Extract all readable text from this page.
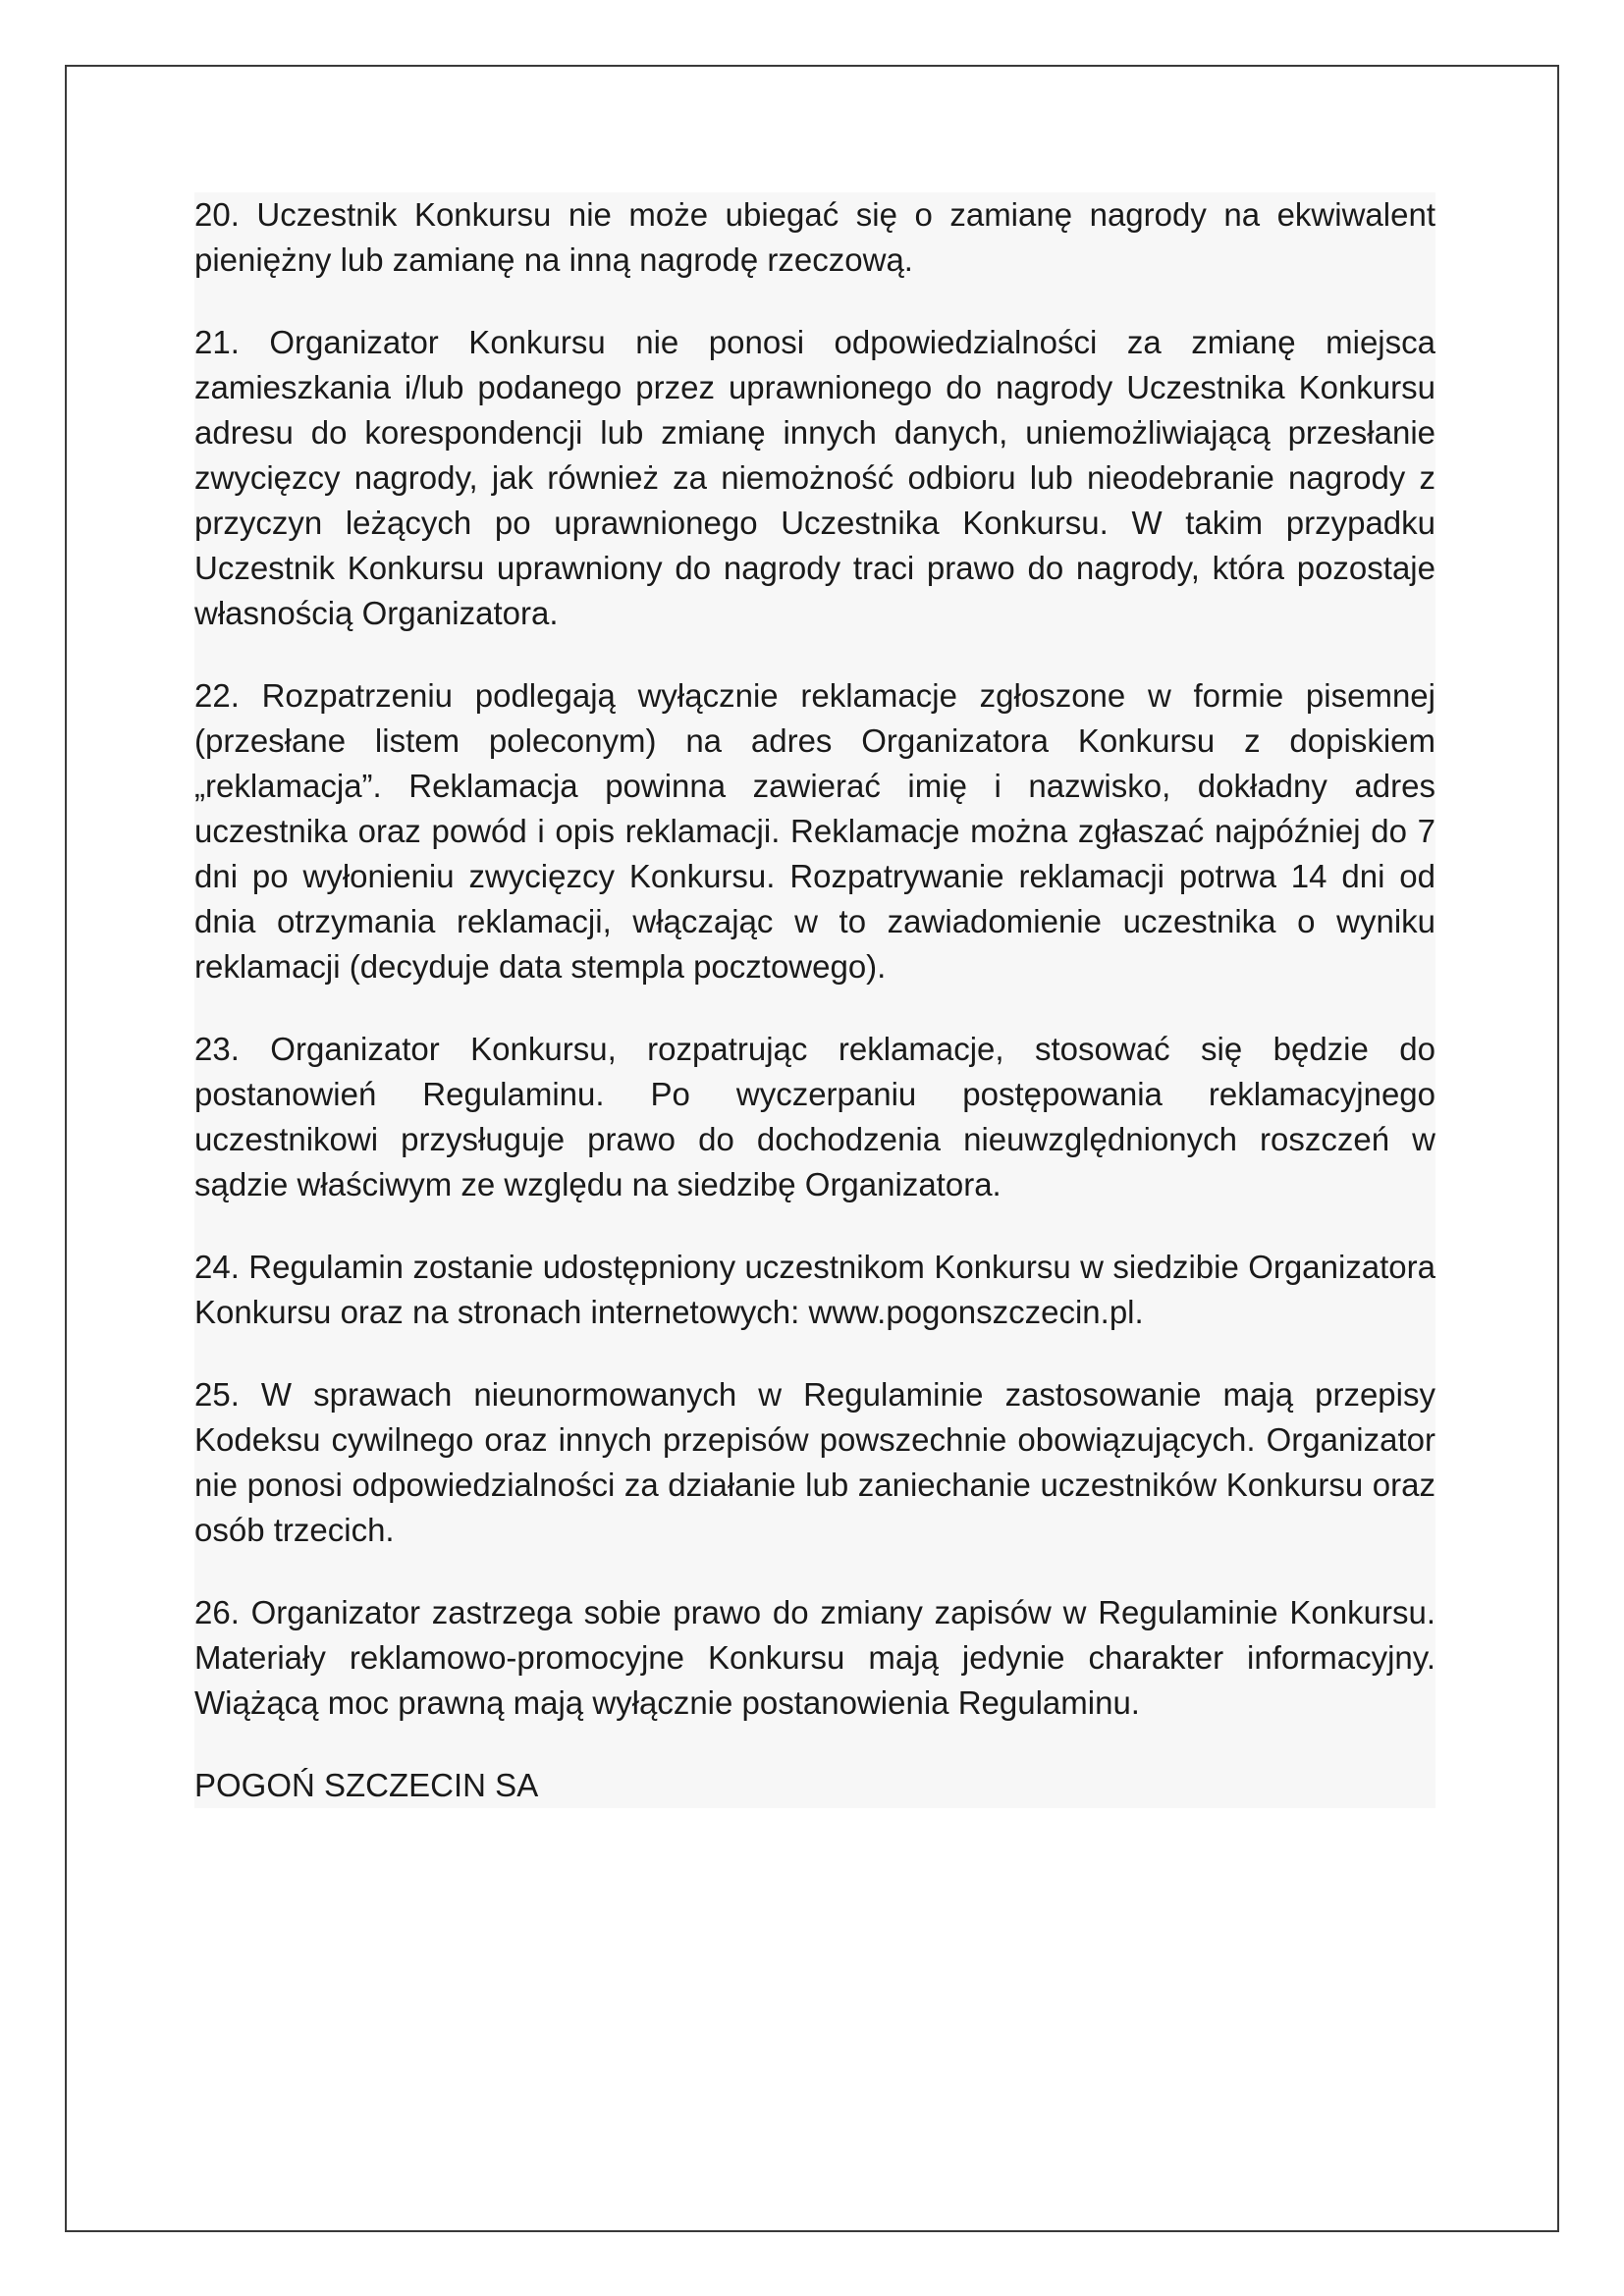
20. Uczestnik Konkursu nie może ubiegać się o zamianę nagrody na ekwiwalent pieniężny lub zamianę na inną nagrodę rzeczową.

21. Organizator Konkursu nie ponosi odpowiedzialności za zmianę miejsca zamieszkania i/lub podanego przez uprawnionego do nagrody Uczestnika Konkursu adresu do korespondencji lub zmianę innych danych, uniemożliwiającą przesłanie zwycięzcy nagrody, jak również za niemożność odbioru lub nieodebranie nagrody z przyczyn leżących po uprawnionego Uczestnika Konkursu. W takim przypadku Uczestnik Konkursu uprawniony do nagrody traci prawo do nagrody, która pozostaje własnością Organizatora.

22. Rozpatrzeniu podlegają wyłącznie reklamacje zgłoszone w formie pisemnej (przesłane listem poleconym) na adres Organizatora Konkursu z dopiskiem „reklamacja”. Reklamacja powinna zawierać imię i nazwisko, dokładny adres uczestnika oraz powód i opis reklamacji. Reklamacje można zgłaszać najpóźniej do 7 dni po wyłonieniu zwycięzcy Konkursu. Rozpatrywanie reklamacji potrwa 14 dni od dnia otrzymania reklamacji, włączając w to zawiadomienie uczestnika o wyniku reklamacji (decyduje data stempla pocztowego).

23. Organizator Konkursu, rozpatrując reklamacje, stosować się będzie do postanowień Regulaminu. Po wyczerpaniu postępowania reklamacyjnego uczestnikowi przysługuje prawo do dochodzenia nieuwzględnionych roszczeń w sądzie właściwym ze względu na siedzibę Organizatora.

24. Regulamin zostanie udostępniony uczestnikom Konkursu w siedzibie Organizatora Konkursu oraz na stronach internetowych: www.pogonszczecin.pl.

25. W sprawach nieunormowanych w Regulaminie zastosowanie mają przepisy Kodeksu cywilnego oraz innych przepisów powszechnie obowiązujących. Organizator nie ponosi odpowiedzialności za działanie lub zaniechanie uczestników Konkursu oraz osób trzecich.

26. Organizator zastrzega sobie prawo do zmiany zapisów w Regulaminie Konkursu. Materiały reklamowo-promocyjne Konkursu mają jedynie charakter informacyjny. Wiążącą moc prawną mają wyłącznie postanowienia Regulaminu.

POGOŃ SZCZECIN SA
